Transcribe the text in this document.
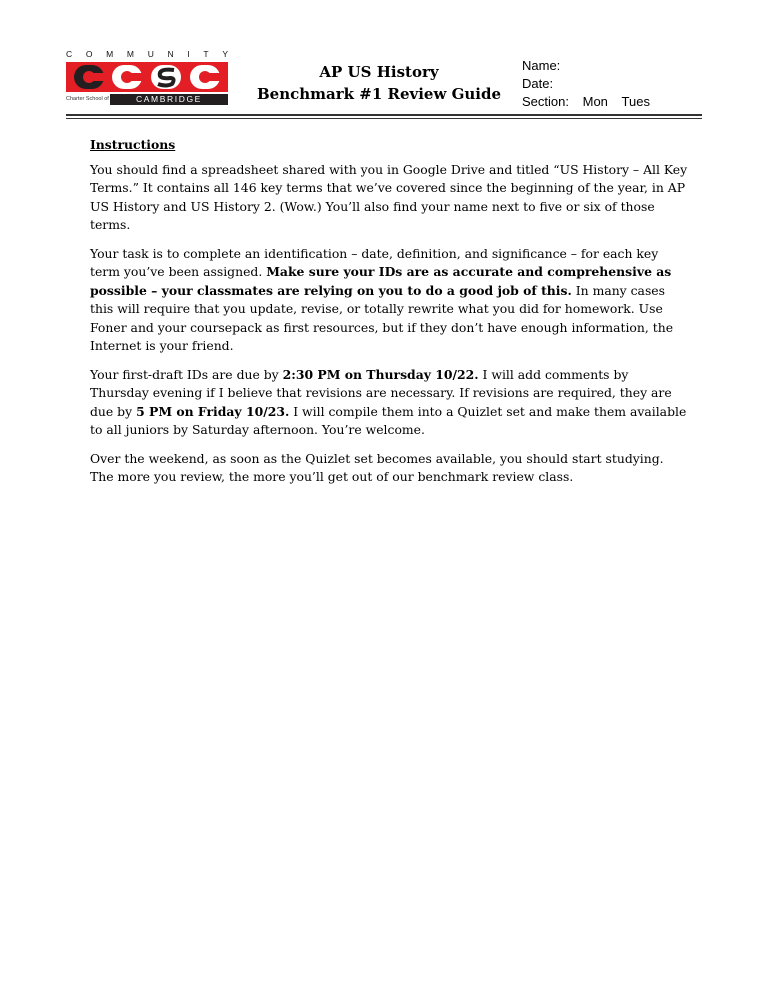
C O M M U N I T Y
Charter School of	CAMBRIDGE
AP US History
Benchmark #1 Review Guide
Name:
Date:
Section: Mon Tues

Instructions

You should find a spreadsheet shared with you in Google Drive and titled “US History – All Key Terms.” It contains all 146 key terms that we’ve covered since the beginning of the year, in AP US History and US History 2. (Wow.) You’ll also find your name next to five or six of those terms.

Your task is to complete an identification – date, definition, and significance – for each key term you’ve been assigned. Make sure your IDs are as accurate and comprehensive as possible – your classmates are relying on you to do a good job of this. In many cases this will require that you update, revise, or totally rewrite what you did for homework. Use Foner and your coursepack as first resources, but if they don’t have enough information, the Internet is your friend.

Your first-draft IDs are due by 2:30 PM on Thursday 10/22. I will add comments by Thursday evening if I believe that revisions are necessary. If revisions are required, they are due by 5 PM on Friday 10/23. I will compile them into a Quizlet set and make them available to all juniors by Saturday afternoon. You’re welcome.

Over the weekend, as soon as the Quizlet set becomes available, you should start studying. The more you review, the more you’ll get out of our benchmark review class.
